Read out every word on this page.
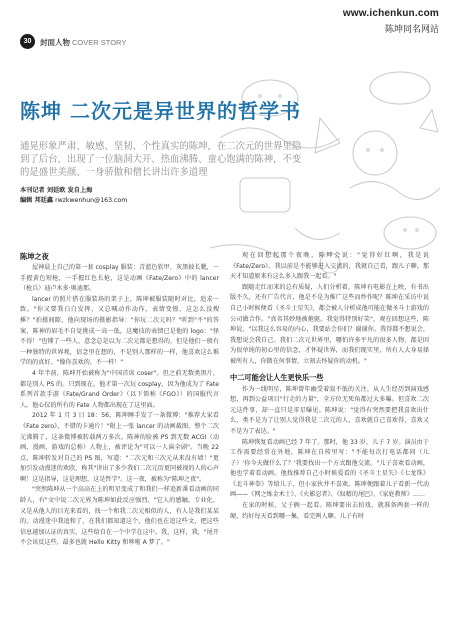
www.ichenkun.com
陈坤同名网站
30	封面人物 COVER STORY
陈坤 二次元是异世界的哲学书
通晃形象严肃、敏感、坚韧、个性真实的陈坤，在二次元的世界里隐
到了后台，出现了一位脑洞大开、热血沸腾、童心饱满的陈神，不变
的是盛世美颜、一身骄傲和僧长讲出许多道理
本刊记者 刘廷欧 发自上海
编辑 邦廷鑫 rwzkwenhun@163.com
陈坤之夜

屋神晨上自己的第一套 cosplay 服装：青蓝色软甲，灰黑披长靴，一手握黄色短枪，一手握红色长枪，这是动画《Fate/Zero》中的 lancer（枪兵）迪卢木多·奥迪那。

lancer 的照片搭在服装场的架子上，陈坤被服装随时对比，追求一致。"你又要我白白发挥，又总喊动作动作，表情变慢，这怎么没搜捶？"拍摄间隙，他向现场的摄影指导："你玩二次元吗？"听到"不"的答案，陈神的眉毛不自觉挑成一高一低，这魔技的表情已是他的 logo："怪不得！"也懂了一些人，意念总是以为二次元都是想得的，但是他们一般有一种独特的世界观，信念里在想的，不是别人那样的一样，他喜欢这么难学的的真好。"像你喜欢的，不一样！"

4 年半前，陈坤开始被称为"中国首席 coser"。但之前无数类黑片，都是别人 PS 的。只到现在，他才第一次玩 cosplay，因为他成为了 Fate 系列首款手游《Fate/Grand Order》（以下简称《FGO》）的国服代言人。他心仪的所有的 Fate 人物都出现在了这里面。

2012 年 1 月 3 日 18：56，陈坤睡手发了一条微博："推荐大家看《Fate zero》，不错的卡通片！"附上一张 lancer 的动画截图，整个二次元沸腾了，这条微博被转载两万多次。陈神的脸被 PS 到无数 ACGI（动画、漫画、游戏的总称）人物上，被评论为"可以一人演全剧"。当晚 22 点，陈坤转发对自己的 PS 图，写道："二次元和三次元从来没有墙！"更加引发动漫迷的欢欣，称其"讲出了多少我们二次元历更同被视的人的心声啊！这是指导，这是理想，这是哲学"。这一夜，被称为"陈坤之夜"。

"突然陈坤从一个高高在上的明星变成了和我们一样追新番看动画的同龄人，有"文中说二次元界为陈坤如此反应强烈，"它人的感触，专业化，又是从他人的目光来看的，找一个和我二次元相似的人，有人是我们某某的。动漫迷中我追和了，在我们都知道这个，他们也在追这些文，把这些信息越加认证的真实，这些给自在一个中学在这中。我，这样，我，"尾开不会该反这些，最多也就 Hello Kitty 和哆啦 A 梦了。"

观在回想起那个夜晚，陈坤会说："觉得好红啊，我是说《Fate/Zero》。我以前是不能够进入交流的，我就自己看，跟儿子聊。那天才知道原来有这么多人跟我一起看。"

跟随走红而来的总有质疑，人们分析着，陈坤有电影在上映，有书出版不久，还有广告代言，他是不是为推广这些而炒作呢？陈坤在采访中说自己小时候便看《圣斗士星矢》，都会被人分析成他可能在做圣斗士游戏的公司做合作。"真名其妙地被炮驱。我觉得特别好笑"，观在回想这些，陈坤说，"以我这么容易的内心，我要站会你们？谢谢你。我得都不想说会，我想说会我自己。我们二次元世界里，哪怕许多平凡的很多人物，都是因为很单纯的初心里的信念，才怀疑世界，而我们现实里，所有人大身易择被所有人，你微在何事情，立刻去怀疑你的动机。"

中二可能会让人生更快乐一些

作为一线明星，陈坤曾年幽受着寂不低的关注。从人生经历到演戏感想，再到公益项目"行走的力量"，全方位无死角都过大多曝。但喜欢二次元这件事，却一直只是零星曝见。陈坤说："觉得有突然要把我喜欢出什么，类不是为了让别人觉得我是二次元的人，喜欢就自己喜欢得，喜欢又不是为了表达。"

陈坤恢复看动画已经 7 年了。那时，他 33 岁，儿子 7 岁。演员由于工作需要经常在外地，陈坤在自传里写："不能每次打电话都问（儿子）'你今天做什么了？'我要找出一个方式跟他交流。"儿子喜欢看动画，他也学着看动画。他找推荐自己小时候爱看的《圣斗士星矢》《七龙珠》《北斗神拳》等给儿子，但小家伙并不喜欢。陈坤便跟着儿子看新一代动画——《网之炼金术士》、《火影忍者》、《奴精的尾巴》、《家庭教师》……

在家的时候，父子俩一起看。陈坤要出去拍戏，就准备两套一样的硬，约好每天看到哪一集，看完两人聊。儿子有时
